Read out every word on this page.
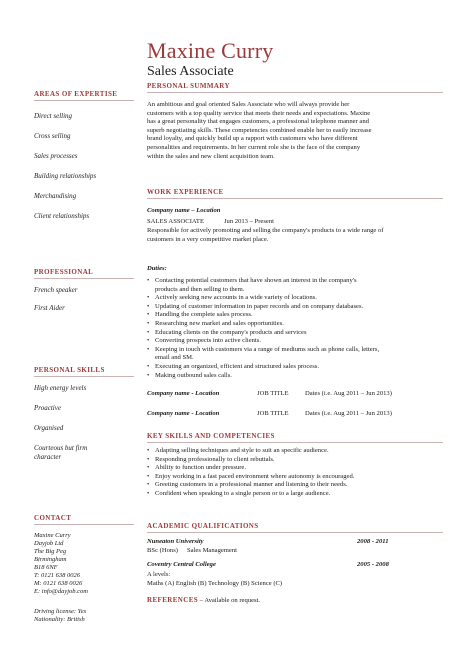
Maxine Curry
Sales Associate
AREAS OF EXPERTISE
Direct selling
Cross selling
Sales processes
Building relationships
Merchandising
Client relationships
PROFESSIONAL
French speaker
First Aider
PERSONAL SKILLS
High energy levels
Proactive
Organised
Courteous but firm
character
CONTACT
Maxine Curry
Dayjob Ltd
The Big Peg
Birmingham
B18 6NF
T: 0121 638 0026
M: 0121 638 0026
E: info@dayjob.com
Driving license: Yes
Nationality: British
PERSONAL SUMMARY
An ambitious and goal oriented Sales Associate who will always provide her
customers with a top quality service that meets their needs and expectations. Maxine
has a great personality that engages customers, a professional telephone manner and
superb negotiating skills. These competencies combined enable her to easily increase
brand loyalty, and quickly build up a rapport with customers who have different
personalities and requirements. In her current role she is the face of the company
within the sales and new client acquisition team.
WORK EXPERIENCE
Company name – Location
SALES ASSOCIATE	Jun 2013 – Present
Responsible for actively promoting and selling the company's products to a wide range of
customers in a very competitive market place.
Duties:
• Contacting potential customers that have shown an interest in the company's
products and then selling to them.
• Actively seeking new accounts in a wide variety of locations.
• Updating of customer information in paper records and on company databases.
• Handling the complete sales process.
• Researching new market and sales opportunities.
• Educating clients on the company's products and services
• Converting prospects into active clients.
• Keeping in touch with customers via a range of mediums such as phone calls, letters,
email and SM.
• Executing an organized, efficient and structured sales process.
• Making outbound sales calls.
Company name - Location	JOB TITLE Dates (i.e. Aug 2011 – Jun 2013)
Company name - Location	JOB TITLE Dates (i.e. Aug 2011 – Jun 2013)
KEY SKILLS AND COMPETENCIES
• Adapting selling techniques and style to suit an specific audience.
• Responding professionally to client rebuttals.
• Ability to function under pressure.
• Enjoy working in a fast paced environment where autonomy is encouraged.
• Greeting customers in a professional manner and listening to their needs.
• Confident when speaking to a single person or to a large audience.
ACADEMIC QUALIFICATIONS
Nuneaton University	2008 - 2011
BSc (Hons) Sales Management
Coventry Central College	2005 - 2008
A levels:
Maths (A) English (B) Technology (B) Science (C)
REFERENCES – Available on request.
